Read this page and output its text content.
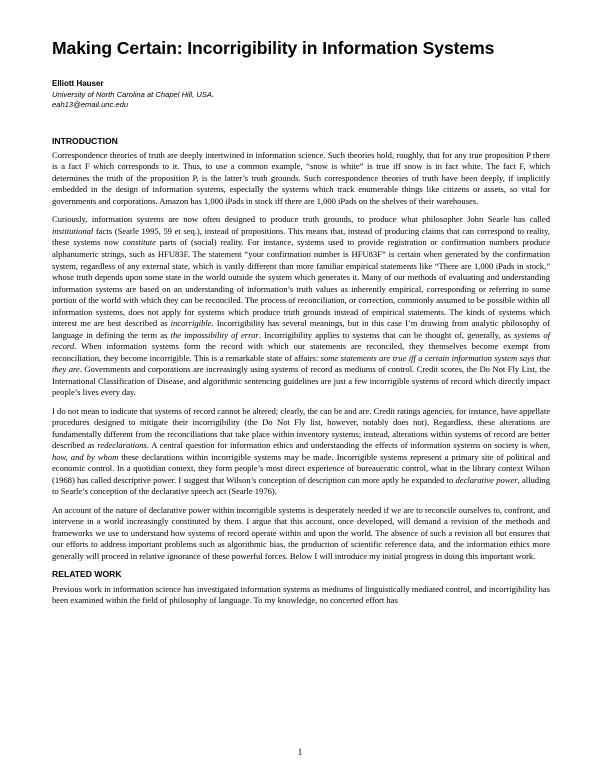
Making Certain: Incorrigibility in Information Systems
Elliott Hauser
University of North Carolina at Chapel Hill, USA.
eah13@email.unc.edu
INTRODUCTION

Correspondence theories of truth are deeply intertwined in information science. Such theories hold, roughly, that for any true proposition P there is a fact F which corresponds to it. Thus, to use a common example, “snow is white” is true iff snow is in fact white. The fact F, which determines the truth of the proposition P, is the latter’s truth grounds. Such correspondence theories of truth have been deeply, if implicitly embedded in the design of information systems, especially the systems which track enumerable things like citizens or assets, so vital for governments and corporations. Amazon has 1,000 iPads in stock iff there are 1,000 iPads on the shelves of their warehouses.

Curiously, information systems are now often designed to produce truth grounds, to produce what philosopher John Searle has called institutional facts (Searle 1995, 59 et seq.), instead of propositions. This means that, instead of producing claims that can correspond to reality, these systems now constitute parts of (social) reality. For instance, systems used to provide registration or confirmation numbers produce alphanumeric strings, such as HFU83F. The statement “your confirmation number is HFU83F” is certain when generated by the confirmation system, regardless of any external state, which is vastly different than more familiar empirical statements like “There are 1,000 iPads in stock,” whose truth depends upon some state in the world outside the system which generates it. Many of our methods of evaluating and understanding information systems are based on an understanding of information’s truth values as inherently empirical, corresponding or referring to some portion of the world with which they can be reconciled. The process of reconciliation, or correction, commonly assumed to be possible within all information systems, does not apply for systems which produce truth grounds instead of empirical statements. The kinds of systems which interest me are best described as incorrigible. Incorrigibility has several meanings, but in this case I’m drawing from analytic philosophy of language in defining the term as the impossibility of error. Incorrigibility applies to systems that can be thought of, generally, as systems of record. When information systems form the record with which our statements are reconciled, they themselves become exempt from reconciliation, they become incorrigible. This is a remarkable state of affairs: some statements are true iff a certain information system says that they are. Governments and corporations are increasingly using systems of record as mediums of control. Credit scores, the Do Not Fly List, the International Classification of Disease, and algorithmic sentencing guidelines are just a few incorrigible systems of record which directly impact people’s lives every day.

I do not mean to indicate that systems of record cannot be altered; clearly, the can be and are. Credit ratings agencies, for instance, have appellate procedures designed to mitigate their incorrigibility (the Do Not Fly list, however, notably does not). Regardless, these alterations are fundamentally different from the reconciliations that take place within inventory systems; instead, alterations within systems of record are better described as redeclarations. A central question for information ethics and understanding the effects of information systems on society is when, how, and by whom these declarations within incorrigible systems may be made. Incorrigible systems represent a primary site of political and economic control. In a quotidian context, they form people’s most direct experience of bureaucratic control, what in the library context Wilson (1968) has called descriptive power. I suggest that Wilson’s conception of description can more aptly be expanded to declarative power, alluding to Searle’s conception of the declarative speech act (Searle 1976).

An account of the nature of declarative power within incorrigible systems is desperately needed if we are to reconcile ourselves to, confront, and intervene in a world increasingly constituted by them. I argue that this account, once developed, will demand a revision of the methods and frameworks we use to understand how systems of record operate within and upon the world. The absence of such a revision all but ensures that our efforts to address important problems such as algorithmic bias, the production of scientific reference data, and the information ethics more generally will proceed in relative ignorance of these powerful forces. Below I will introduce my initial progress in doing this important work.

RELATED WORK

Previous work in information science has investigated information systems as mediums of linguistically mediated control, and incorrigibility has been examined within the field of philosophy of language. To my knowledge, no concerted effort has

1
